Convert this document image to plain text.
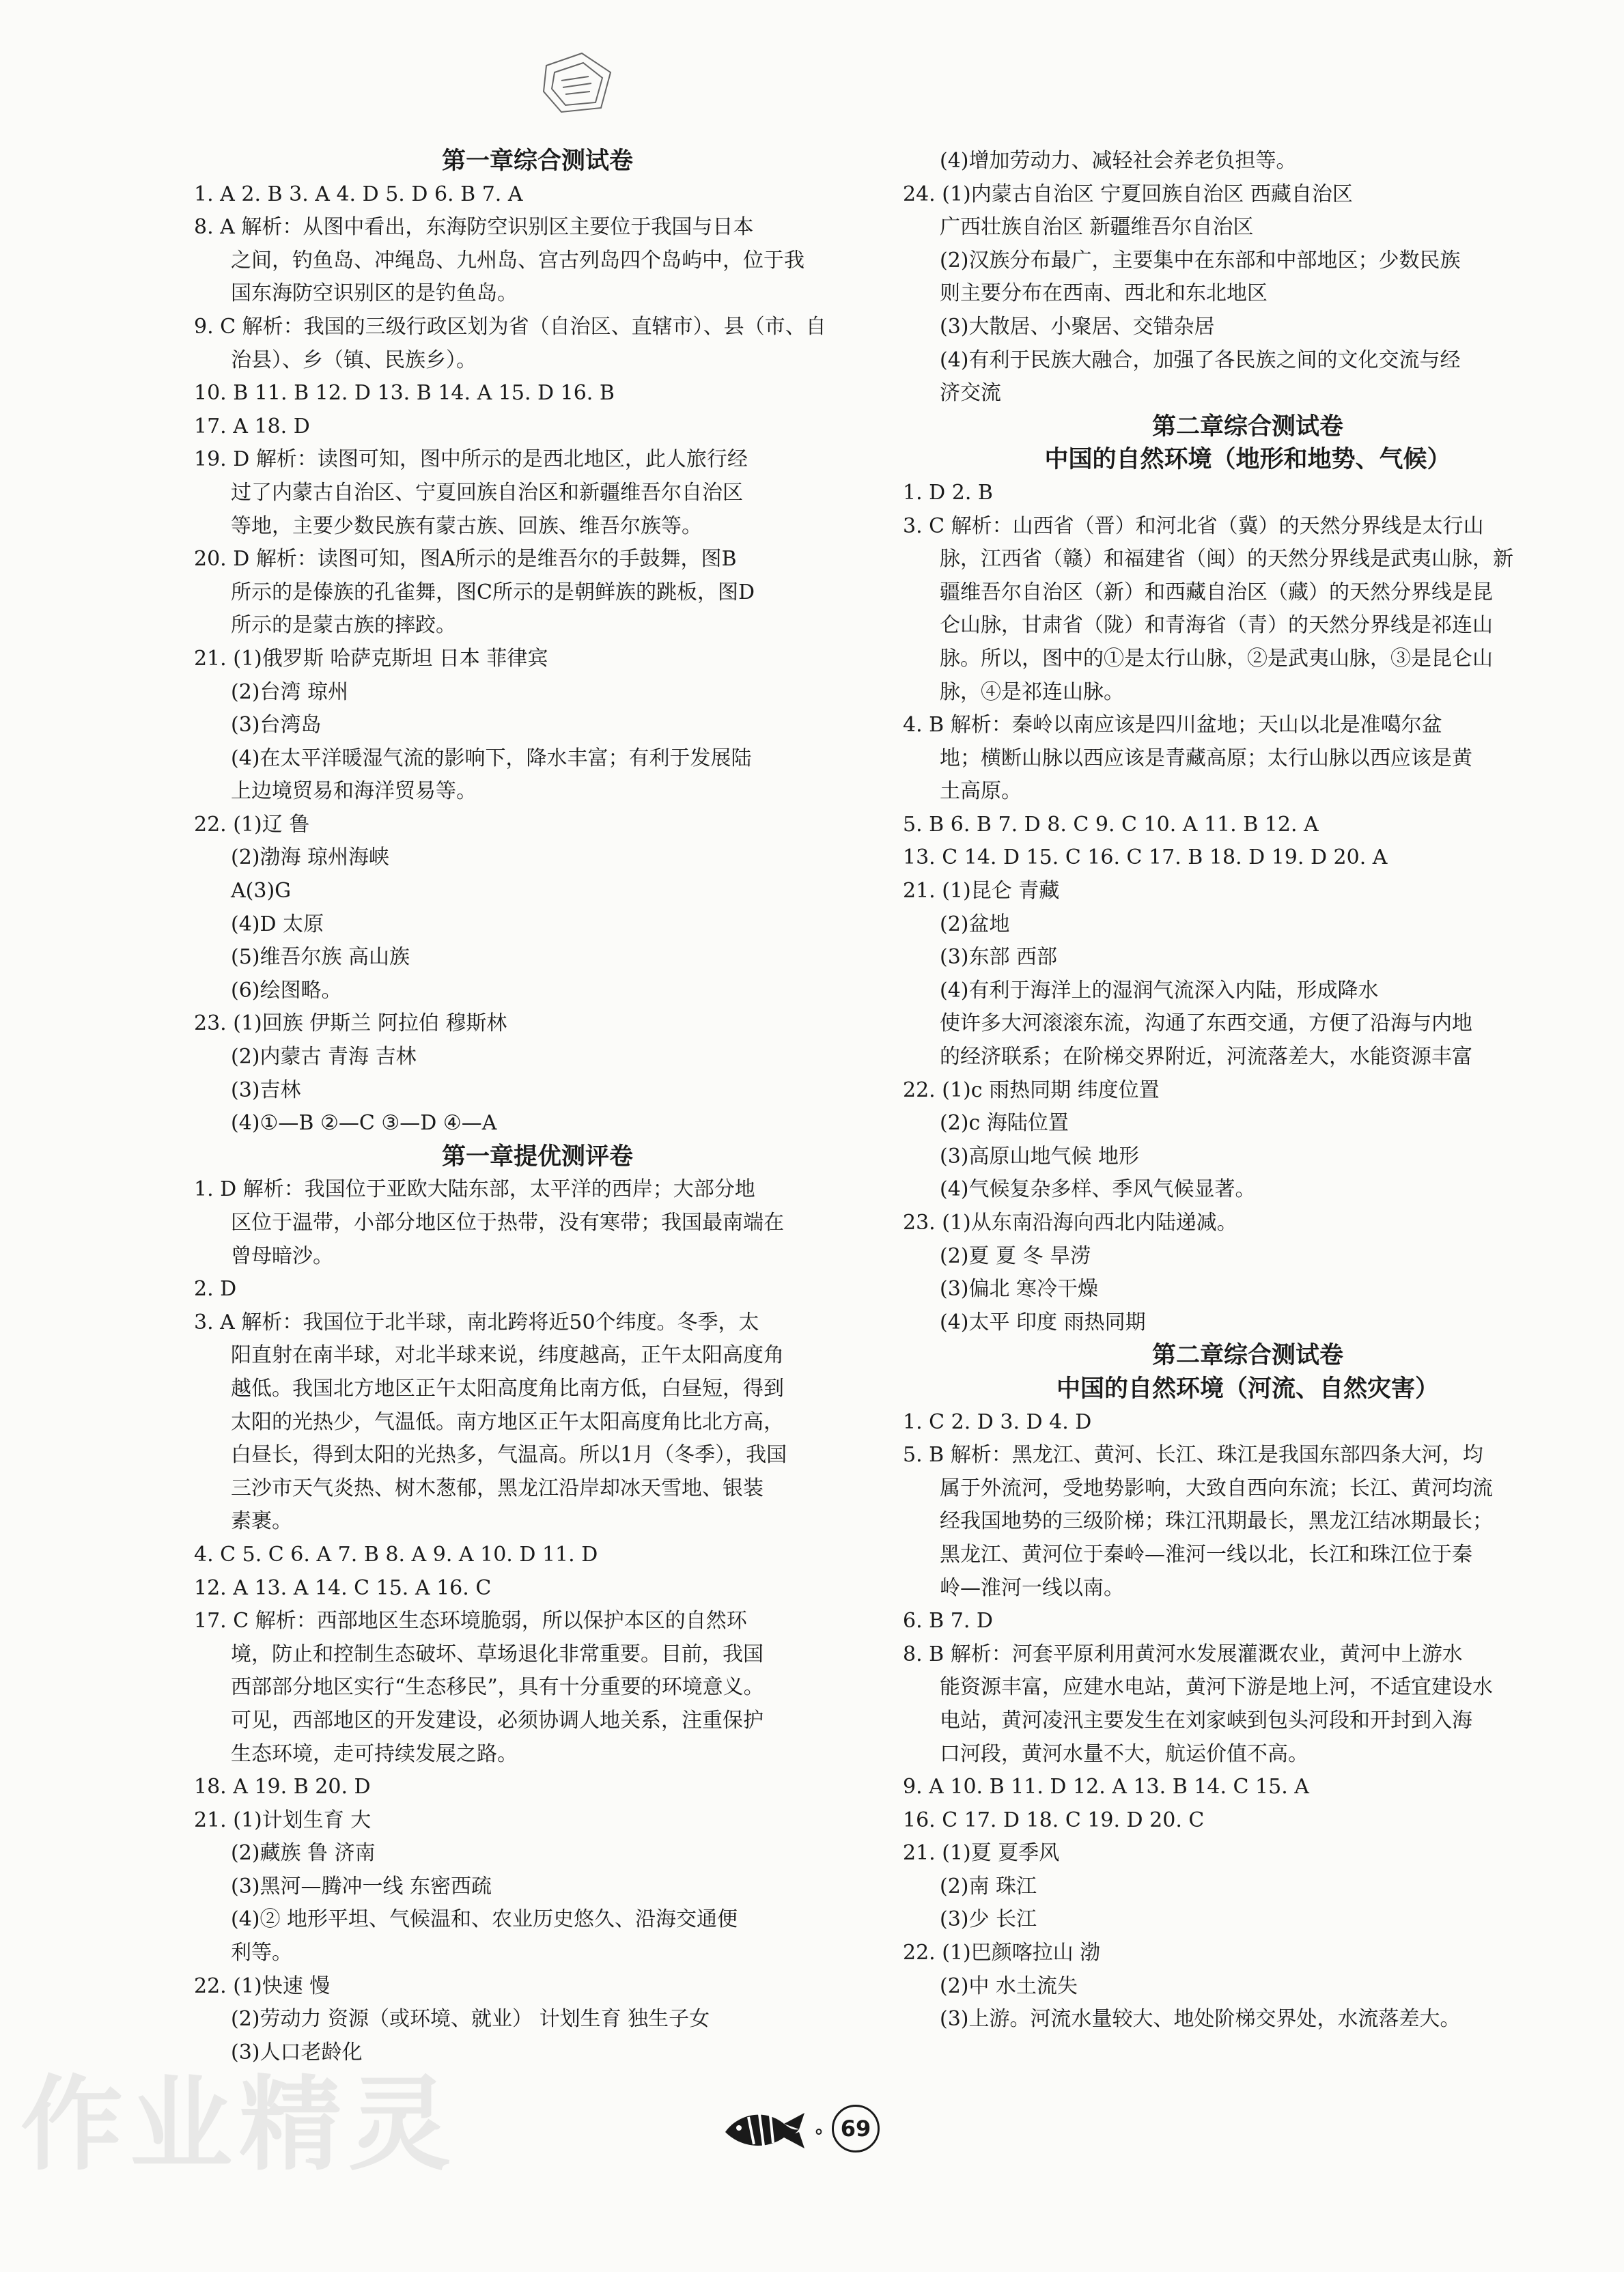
第一章综合测试卷
1. A 2. B 3. A 4. D 5. D 6. B 7. A
8. A 解析：从图中看出，东海防空识别区主要位于我国与日本
之间，钓鱼岛、冲绳岛、九州岛、宫古列岛四个岛屿中，位于我
国东海防空识别区的是钓鱼岛。
9. C 解析：我国的三级行政区划为省（自治区、直辖市）、县（市、自
治县）、乡（镇、民族乡）。
10. B 11. B 12. D 13. B 14. A 15. D 16. B
17. A 18. D
19. D 解析：读图可知，图中所示的是西北地区，此人旅行经
过了内蒙古自治区、宁夏回族自治区和新疆维吾尔自治区
等地，主要少数民族有蒙古族、回族、维吾尔族等。
20. D 解析：读图可知，图A所示的是维吾尔的手鼓舞，图B
所示的是傣族的孔雀舞，图C所示的是朝鲜族的跳板，图D
所示的是蒙古族的摔跤。
21. (1)俄罗斯 哈萨克斯坦 日本 菲律宾
(2)台湾 琼州
(3)台湾岛
(4)在太平洋暖湿气流的影响下，降水丰富；有利于发展陆
上边境贸易和海洋贸易等。
22. (1)辽 鲁
(2)渤海 琼州海峡
A(3)G
(4)D 太原
(5)维吾尔族 高山族
(6)绘图略。
23. (1)回族 伊斯兰 阿拉伯 穆斯林
(2)内蒙古 青海 吉林
(3)吉林
(4)①—B ②—C ③—D ④—A
第一章提优测评卷
1. D 解析：我国位于亚欧大陆东部，太平洋的西岸；大部分地
区位于温带，小部分地区位于热带，没有寒带；我国最南端在
曾母暗沙。
2. D
3. A 解析：我国位于北半球，南北跨将近50个纬度。冬季，太
阳直射在南半球，对北半球来说，纬度越高，正午太阳高度角
越低。我国北方地区正午太阳高度角比南方低，白昼短，得到
太阳的光热少，气温低。南方地区正午太阳高度角比北方高，
白昼长，得到太阳的光热多，气温高。所以1月（冬季），我国
三沙市天气炎热、树木葱郁，黑龙江沿岸却冰天雪地、银装
素裹。
4. C 5. C 6. A 7. B 8. A 9. A 10. D 11. D
12. A 13. A 14. C 15. A 16. C
17. C 解析：西部地区生态环境脆弱，所以保护本区的自然环
境，防止和控制生态破坏、草场退化非常重要。目前，我国
西部部分地区实行“生态移民”，具有十分重要的环境意义。
可见，西部地区的开发建设，必须协调人地关系，注重保护
生态环境，走可持续发展之路。
18. A 19. B 20. D
21. (1)计划生育 大
(2)藏族 鲁 济南
(3)黑河—腾冲一线 东密西疏
(4)② 地形平坦、气候温和、农业历史悠久、沿海交通便
利等。
22. (1)快速 慢
(2)劳动力 资源（或环境、就业） 计划生育 独生子女
(3)人口老龄化
(4)增加劳动力、减轻社会养老负担等。
24. (1)内蒙古自治区 宁夏回族自治区 西藏自治区
广西壮族自治区 新疆维吾尔自治区
(2)汉族分布最广，主要集中在东部和中部地区；少数民族
则主要分布在西南、西北和东北地区
(3)大散居、小聚居、交错杂居
(4)有利于民族大融合，加强了各民族之间的文化交流与经
济交流
第二章综合测试卷
中国的自然环境（地形和地势、气候）
1. D 2. B
3. C 解析：山西省（晋）和河北省（冀）的天然分界线是太行山
脉，江西省（赣）和福建省（闽）的天然分界线是武夷山脉，新
疆维吾尔自治区（新）和西藏自治区（藏）的天然分界线是昆
仑山脉，甘肃省（陇）和青海省（青）的天然分界线是祁连山
脉。所以，图中的①是太行山脉，②是武夷山脉，③是昆仑山
脉，④是祁连山脉。
4. B 解析：秦岭以南应该是四川盆地；天山以北是准噶尔盆
地；横断山脉以西应该是青藏高原；太行山脉以西应该是黄
土高原。
5. B 6. B 7. D 8. C 9. C 10. A 11. B 12. A
13. C 14. D 15. C 16. C 17. B 18. D 19. D 20. A
21. (1)昆仑 青藏
(2)盆地
(3)东部 西部
(4)有利于海洋上的湿润气流深入内陆，形成降水
使许多大河滚滚东流，沟通了东西交通，方便了沿海与内地
的经济联系；在阶梯交界附近，河流落差大，水能资源丰富
22. (1)c 雨热同期 纬度位置
(2)c 海陆位置
(3)高原山地气候 地形
(4)气候复杂多样、季风气候显著。
23. (1)从东南沿海向西北内陆递减。
(2)夏 夏 冬 旱涝
(3)偏北 寒冷干燥
(4)太平 印度 雨热同期
第二章综合测试卷
中国的自然环境（河流、自然灾害）
1. C 2. D 3. D 4. D
5. B 解析：黑龙江、黄河、长江、珠江是我国东部四条大河，均
属于外流河，受地势影响，大致自西向东流；长江、黄河均流
经我国地势的三级阶梯；珠江汛期最长，黑龙江结冰期最长；
黑龙江、黄河位于秦岭—淮河一线以北，长江和珠江位于秦
岭—淮河一线以南。
6. B 7. D
8. B 解析：河套平原利用黄河水发展灌溉农业，黄河中上游水
能资源丰富，应建水电站，黄河下游是地上河，不适宜建设水
电站，黄河凌汛主要发生在刘家峡到包头河段和开封到入海
口河段，黄河水量不大，航运价值不高。
9. A 10. B 11. D 12. A 13. B 14. C 15. A
16. C 17. D 18. C 19. D 20. C
21. (1)夏 夏季风
(2)南 珠江
(3)少 长江
22. (1)巴颜喀拉山 渤
(2)中 水土流失
(3)上游。河流水量较大、地处阶梯交界处，水流落差大。
作业精灵	° 69
